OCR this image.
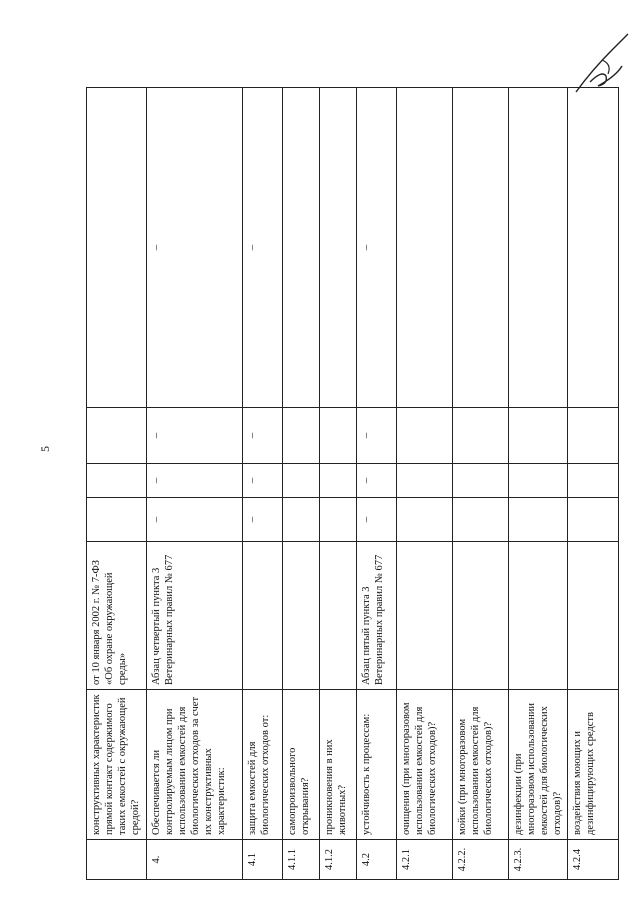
5
	конструктивных характеристик прямой контакт содержимого таких емкостей с окружающей средой?	от 10 января 2002 г. № 7-ФЗ «Об охране окружающей среды»				
4.	Обеспечивается ли контролируемым лицом при использовании емкостей для биологических отходов за счет их конструктивных характеристик:	Абзац четвертый пункта 3 Ветеринарных правил № 677	–	–	–	–
4.1	защита емкостей для биологических отходов от:		–	–	–	–
4.1.1	самопроизвольного открывания?					
4.1.2	проникновения в них животных?					
4.2	устойчивость к процессам:	Абзац пятый пункта 3 Ветеринарных правил № 677	–	–	–	–
4.2.1	очищения (при многоразовом использовании емкостей для биологических отходов)?					
4.2.2.	мойки (при многоразовом использовании емкостей для биологических отходов)?					
4.2.3.	дезинфекции (при многоразовом использовании емкостей для биологических отходов)?					
4.2.4	воздействия моющих и дезинфицирующих средств					
